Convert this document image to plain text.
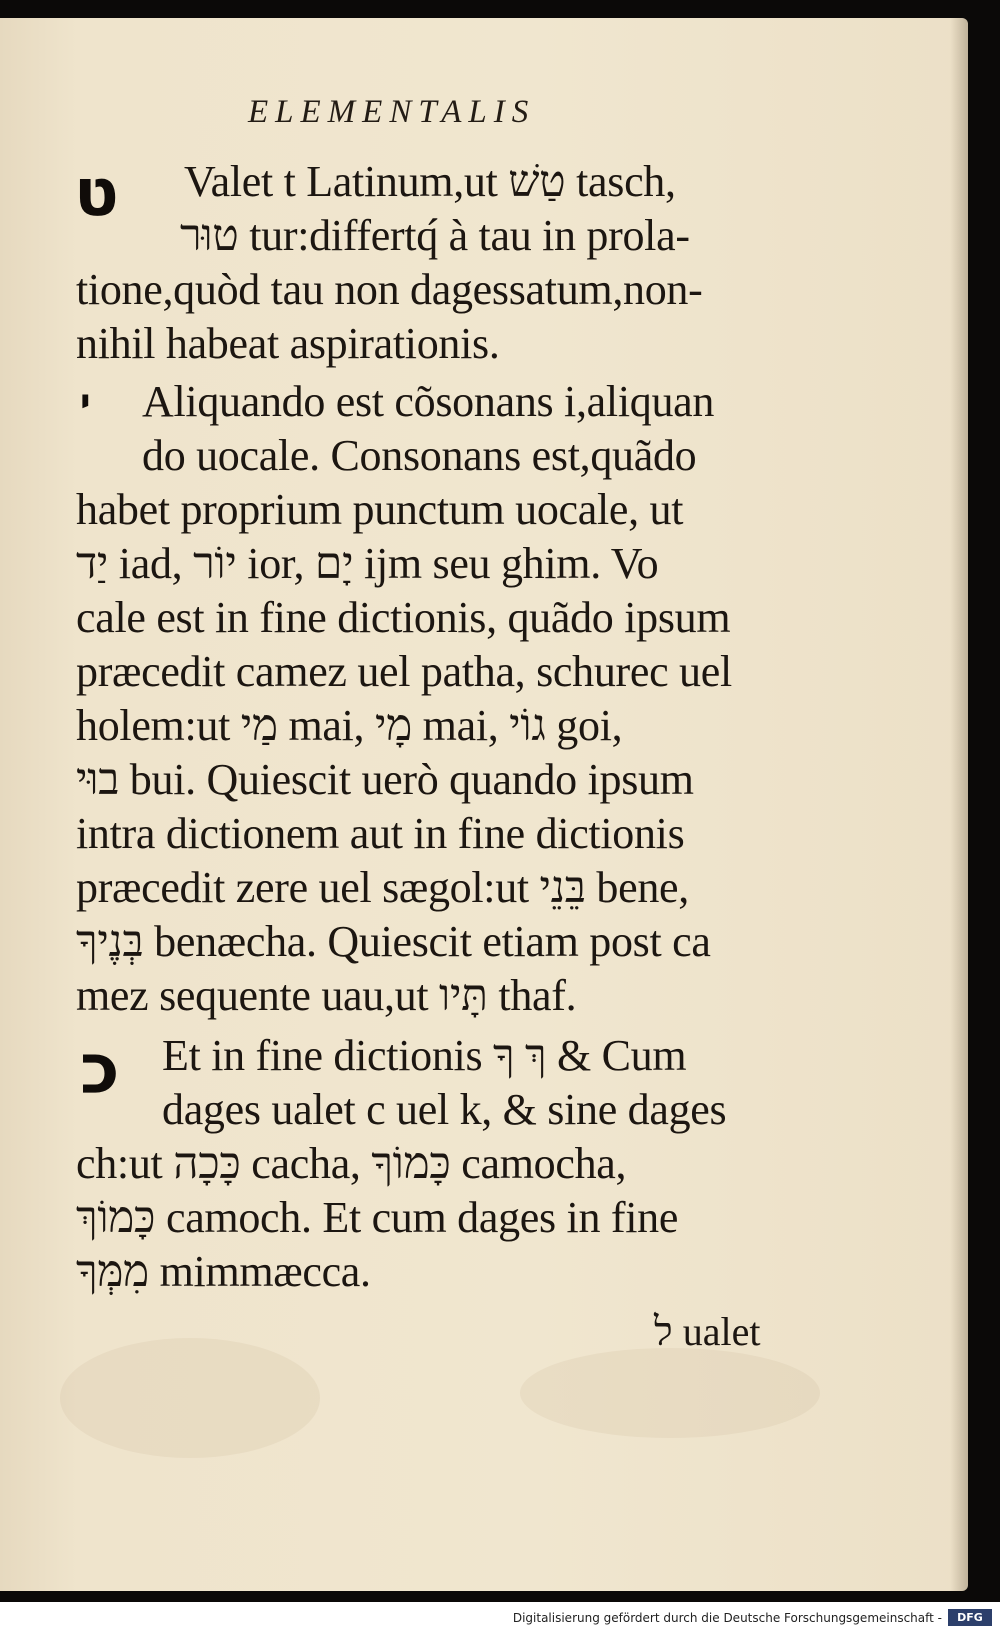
ELEMENTALIS
ט Valet t Latinum,ut טַשׁ tasch,
טוּר tur:differtq́ à tau in prola-
tione,quòd tau non dagessatum,non-
nihil habeat aspirationis.
י Aliquando est cõsonans i,aliquan
do uocale. Consonans est,quãdo
habet proprium punctum uocale, ut
יַד iad, יוֹר ior, יָם ijm seu ghim. Vo
cale est in fine dictionis, quãdo ipsum
præcedit camez uel patha, schurec uel
holem:ut מַי mai, מָי mai, גוֹי goi,
בוּי bui. Quiescit uerò quando ipsum
intra dictionem aut in fine dictionis
præcedit zere uel sægol:ut בֵּנֵי bene,
בְּנֶיךָ benæcha. Quiescit etiam post ca
mez sequente uau,ut תָּיו thaf.
כ Et in fine dictionis ךְ ךָ & Cum
dages ualet c uel k, & sine dages
ch:ut כָּכָה cacha, כָּמוֹךָ camocha,
כָּמוֹךְ camoch. Et cum dages in fine
מִמְּךָ mimmæcca.
ל ualet
Digitalisierung gefördert durch die Deutsche Forschungsgemeinschaft -	DFG
